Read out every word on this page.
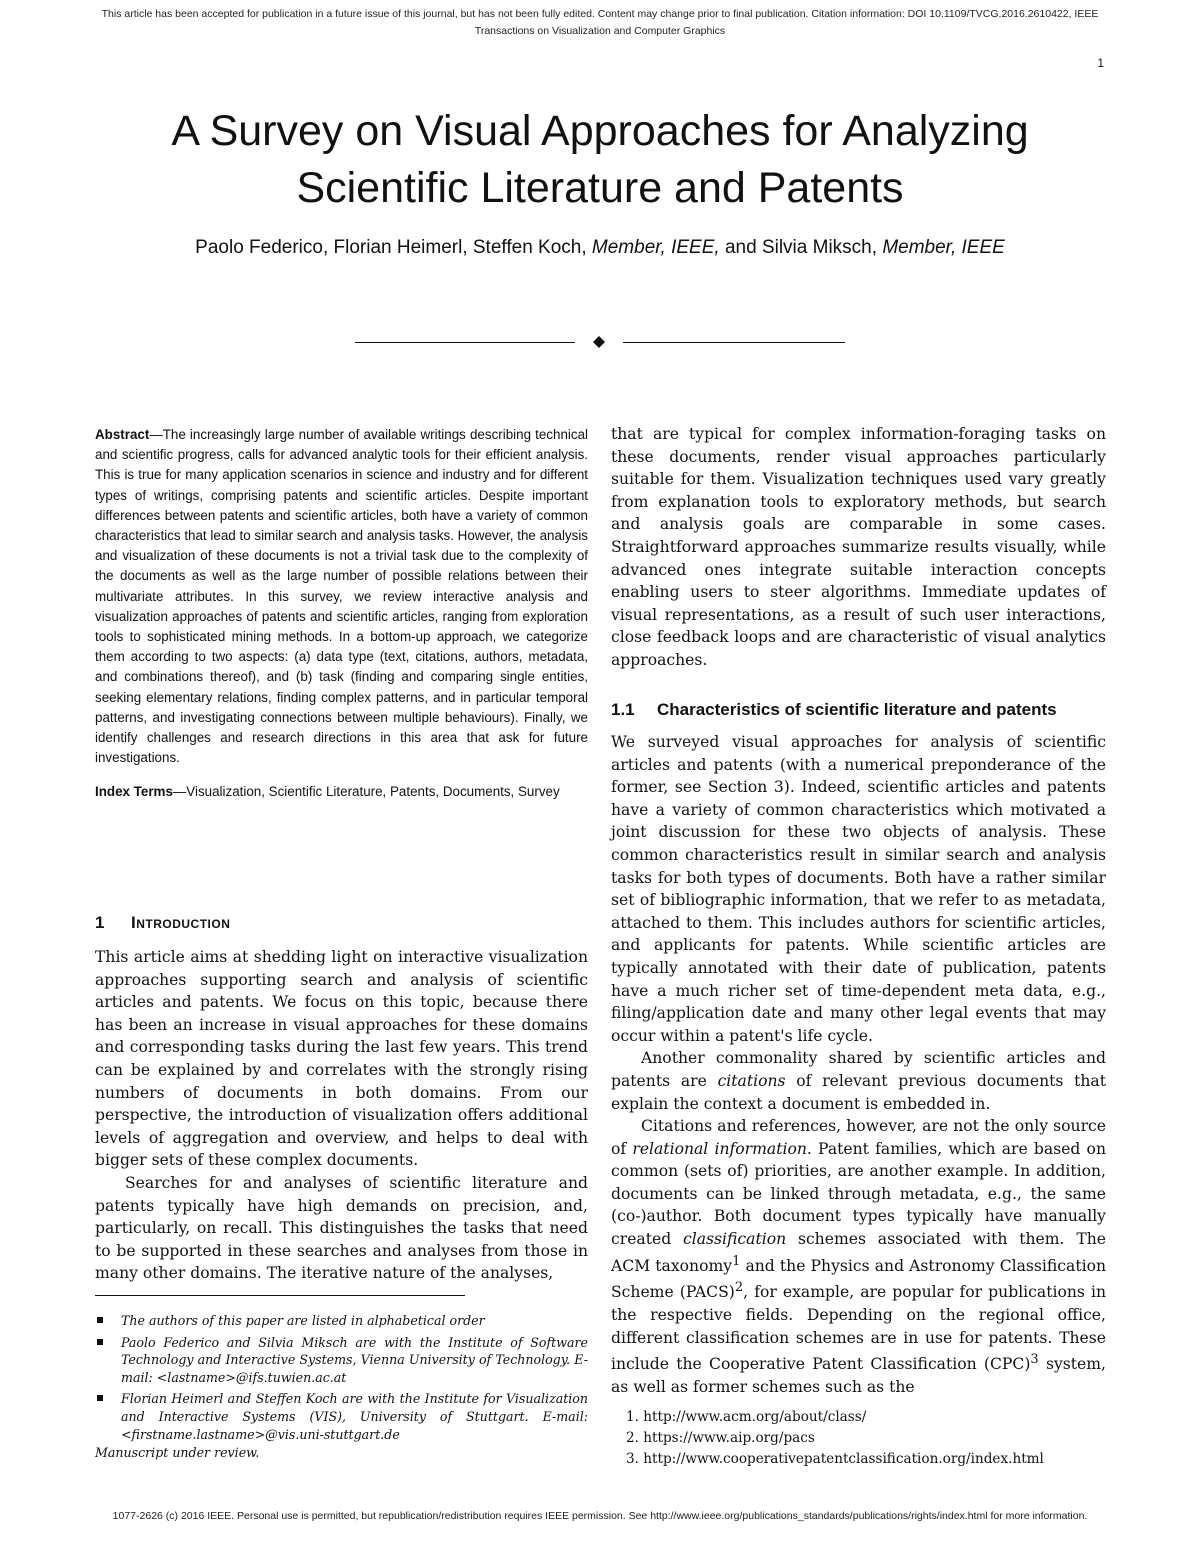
This article has been accepted for publication in a future issue of this journal, but has not been fully edited. Content may change prior to final publication. Citation information: DOI 10.1109/TVCG.2016.2610422, IEEE
Transactions on Visualization and Computer Graphics
1
A Survey on Visual Approaches for Analyzing
Scientific Literature and Patents
Paolo Federico, Florian Heimerl, Steffen Koch, Member, IEEE, and Silvia Miksch, Member, IEEE

Abstract—The increasingly large number of available writings describing technical and scientific progress, calls for advanced analytic tools for their efficient analysis. This is true for many application scenarios in science and industry and for different types of writings, comprising patents and scientific articles. Despite important differences between patents and scientific articles, both have a variety of common characteristics that lead to similar search and analysis tasks. However, the analysis and visualization of these documents is not a trivial task due to the complexity of the documents as well as the large number of possible relations between their multivariate attributes. In this survey, we review interactive analysis and visualization approaches of patents and scientific articles, ranging from exploration tools to sophisticated mining methods. In a bottom-up approach, we categorize them according to two aspects: (a) data type (text, citations, authors, metadata, and combinations thereof), and (b) task (finding and comparing single entities, seeking elementary relations, finding complex patterns, and in particular temporal patterns, and investigating connections between multiple behaviours). Finally, we identify challenges and research directions in this area that ask for future investigations.

Index Terms—Visualization, Scientific Literature, Patents, Documents, Survey

1 Introduction

This article aims at shedding light on interactive visualization approaches supporting search and analysis of scientific articles and patents. We focus on this topic, because there has been an increase in visual approaches for these domains and corresponding tasks during the last few years. This trend can be explained by and correlates with the strongly rising numbers of documents in both domains. From our perspective, the introduction of visualization offers additional levels of aggregation and overview, and helps to deal with bigger sets of these complex documents.

Searches for and analyses of scientific literature and patents typically have high demands on precision, and, particularly, on recall. This distinguishes the tasks that need to be supported in these searches and analyses from those in many other domains. The iterative nature of the analyses,

The authors of this paper are listed in alphabetical order
Paolo Federico and Silvia Miksch are with the Institute of Software Technology and Interactive Systems, Vienna University of Technology. E-mail: <lastname>@ifs.tuwien.ac.at
Florian Heimerl and Steffen Koch are with the Institute for Visualization and Interactive Systems (VIS), University of Stuttgart. E-mail: <firstname.lastname>@vis.uni-stuttgart.de
Manuscript under review.

that are typical for complex information-foraging tasks on these documents, render visual approaches particularly suitable for them. Visualization techniques used vary greatly from explanation tools to exploratory methods, but search and analysis goals are comparable in some cases. Straightforward approaches summarize results visually, while advanced ones integrate suitable interaction concepts enabling users to steer algorithms. Immediate updates of visual representations, as a result of such user interactions, close feedback loops and are characteristic of visual analytics approaches.

1.1 Characteristics of scientific literature and patents

We surveyed visual approaches for analysis of scientific articles and patents (with a numerical preponderance of the former, see Section 3). Indeed, scientific articles and patents have a variety of common characteristics which motivated a joint discussion for these two objects of analysis. These common characteristics result in similar search and analysis tasks for both types of documents. Both have a rather similar set of bibliographic information, that we refer to as metadata, attached to them. This includes authors for scientific articles, and applicants for patents. While scientific articles are typically annotated with their date of publication, patents have a much richer set of time-dependent meta data, e.g., filing/application date and many other legal events that may occur within a patent's life cycle.

Another commonality shared by scientific articles and patents are citations of relevant previous documents that explain the context a document is embedded in.

Citations and references, however, are not the only source of relational information. Patent families, which are based on common (sets of) priorities, are another example. In addition, documents can be linked through metadata, e.g., the same (co-)author. Both document types typically have manually created classification schemes associated with them. The ACM taxonomy$^1$ and the Physics and Astronomy Classification Scheme (PACS)$^2$, for example, are popular for publications in the respective fields. Depending on the regional office, different classification schemes are in use for patents. These include the Cooperative Patent Classification (CPC)$^3$ system, as well as former schemes such as the

1. http://www.acm.org/about/class/
2. https://www.aip.org/pacs
3. http://www.cooperativepatentclassification.org/index.html
1077-2626 (c) 2016 IEEE. Personal use is permitted, but republication/redistribution requires IEEE permission. See http://www.ieee.org/publications_standards/publications/rights/index.html for more information.
